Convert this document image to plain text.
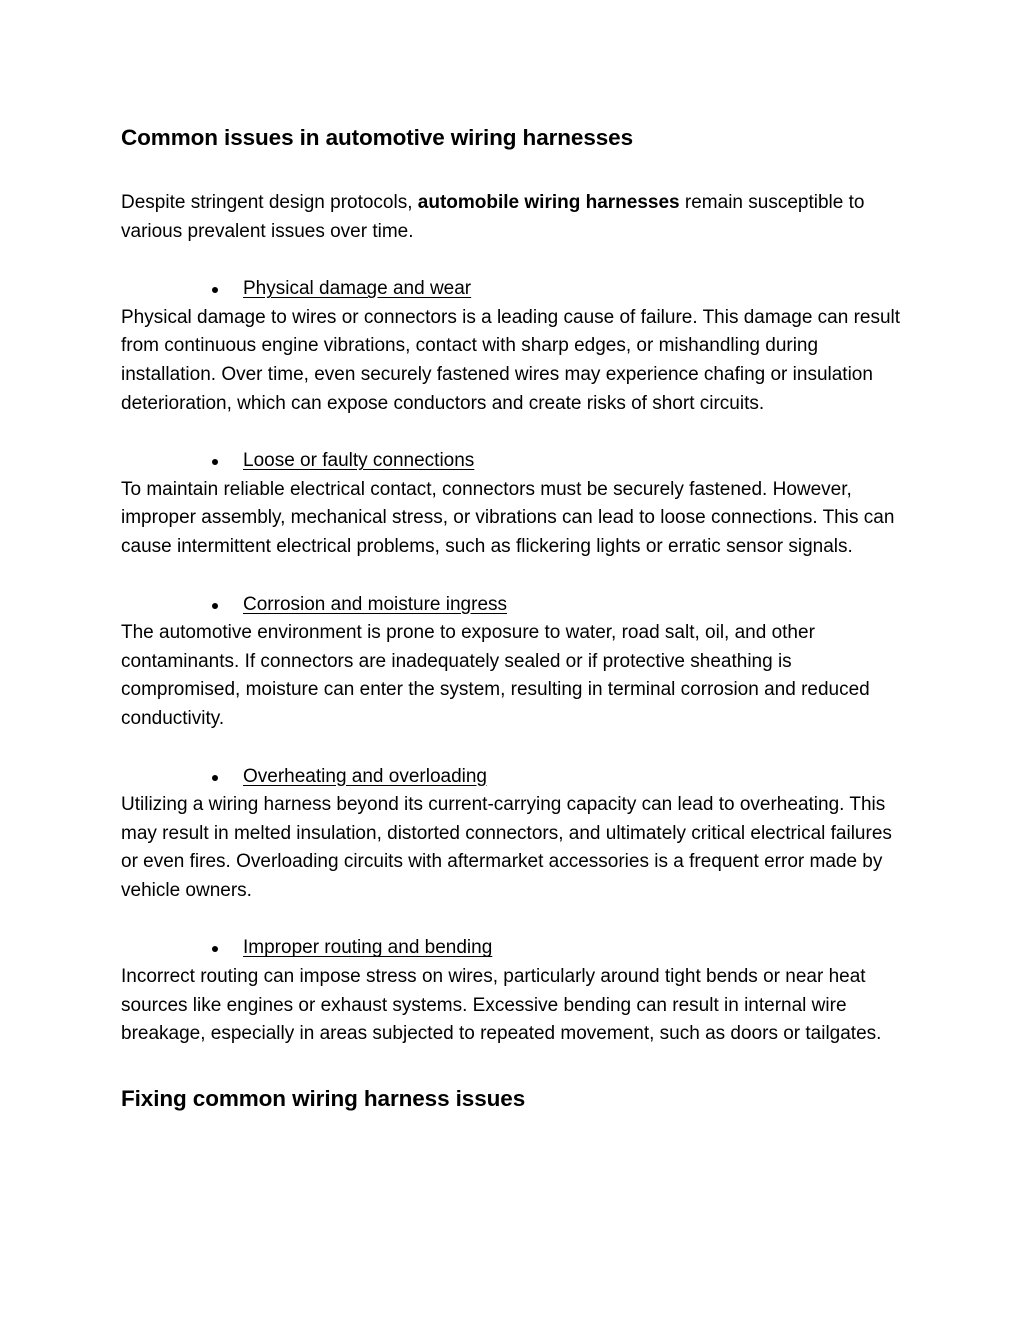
Common issues in automotive wiring harnesses

Despite stringent design protocols, automobile wiring harnesses remain susceptible to various prevalent issues over time.

Physical damage and wear

Physical damage to wires or connectors is a leading cause of failure. This damage can result from continuous engine vibrations, contact with sharp edges, or mishandling during installation. Over time, even securely fastened wires may experience chafing or insulation deterioration, which can expose conductors and create risks of short circuits.

Loose or faulty connections

To maintain reliable electrical contact, connectors must be securely fastened. However, improper assembly, mechanical stress, or vibrations can lead to loose connections. This can cause intermittent electrical problems, such as flickering lights or erratic sensor signals.

Corrosion and moisture ingress

The automotive environment is prone to exposure to water, road salt, oil, and other contaminants. If connectors are inadequately sealed or if protective sheathing is compromised, moisture can enter the system, resulting in terminal corrosion and reduced conductivity.

Overheating and overloading

Utilizing a wiring harness beyond its current-carrying capacity can lead to overheating. This may result in melted insulation, distorted connectors, and ultimately critical electrical failures or even fires. Overloading circuits with aftermarket accessories is a frequent error made by vehicle owners.

Improper routing and bending

Incorrect routing can impose stress on wires, particularly around tight bends or near heat sources like engines or exhaust systems. Excessive bending can result in internal wire breakage, especially in areas subjected to repeated movement, such as doors or tailgates.

Fixing common wiring harness issues
